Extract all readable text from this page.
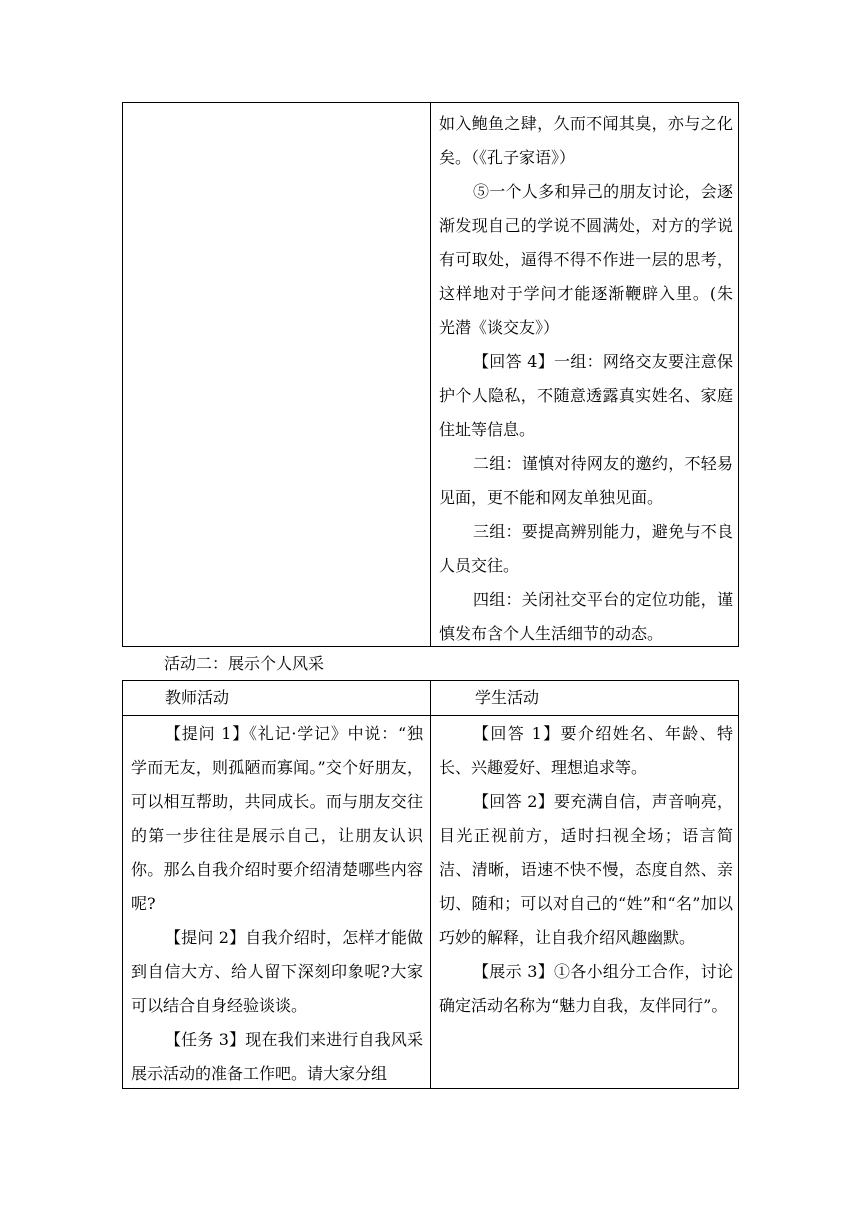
如入鲍鱼之肆，久而不闻其臭，亦与之化矣。（《孔子家语》）

⑤一个人多和异己的朋友讨论，会逐渐发现自己的学说不圆满处，对方的学说有可取处，逼得不得不作进一层的思考，这样地对于学问才能逐渐鞭辟入里。(朱光潜《谈交友》）

【回答 4】一组：网络交友要注意保护个人隐私，不随意透露真实姓名、家庭住址等信息。

二组：谨慎对待网友的邀约，不轻易见面，更不能和网友单独见面。

三组：要提高辨别能力，避免与不良人员交往。

四组：关闭社交平台的定位功能，谨慎发布含个人生活细节的动态。

活动二：展示个人风采
教师活动	学生活动

【提问 1】《礼记·学记》中说：“独学而无友，则孤陋而寡闻。”交个好朋友，可以相互帮助，共同成长。而与朋友交往的第一步往往是展示自己，让朋友认识你。那么自我介绍时要介绍清楚哪些内容呢?

【提问 2】自我介绍时，怎样才能做到自信大方、给人留下深刻印象呢?大家可以结合自身经验谈谈。

【任务 3】现在我们来进行自我风采展示活动的准备工作吧。请大家分组

【回答 1】要介绍姓名、年龄、特长、兴趣爱好、理想追求等。

【回答 2】要充满自信，声音响亮，目光正视前方，适时扫视全场；语言简洁、清晰，语速不快不慢，态度自然、亲切、随和；可以对自己的“姓”和“名”加以巧妙的解释，让自我介绍风趣幽默。

【展示 3】①各小组分工合作，讨论确定活动名称为“魅力自我，友伴同行”。
